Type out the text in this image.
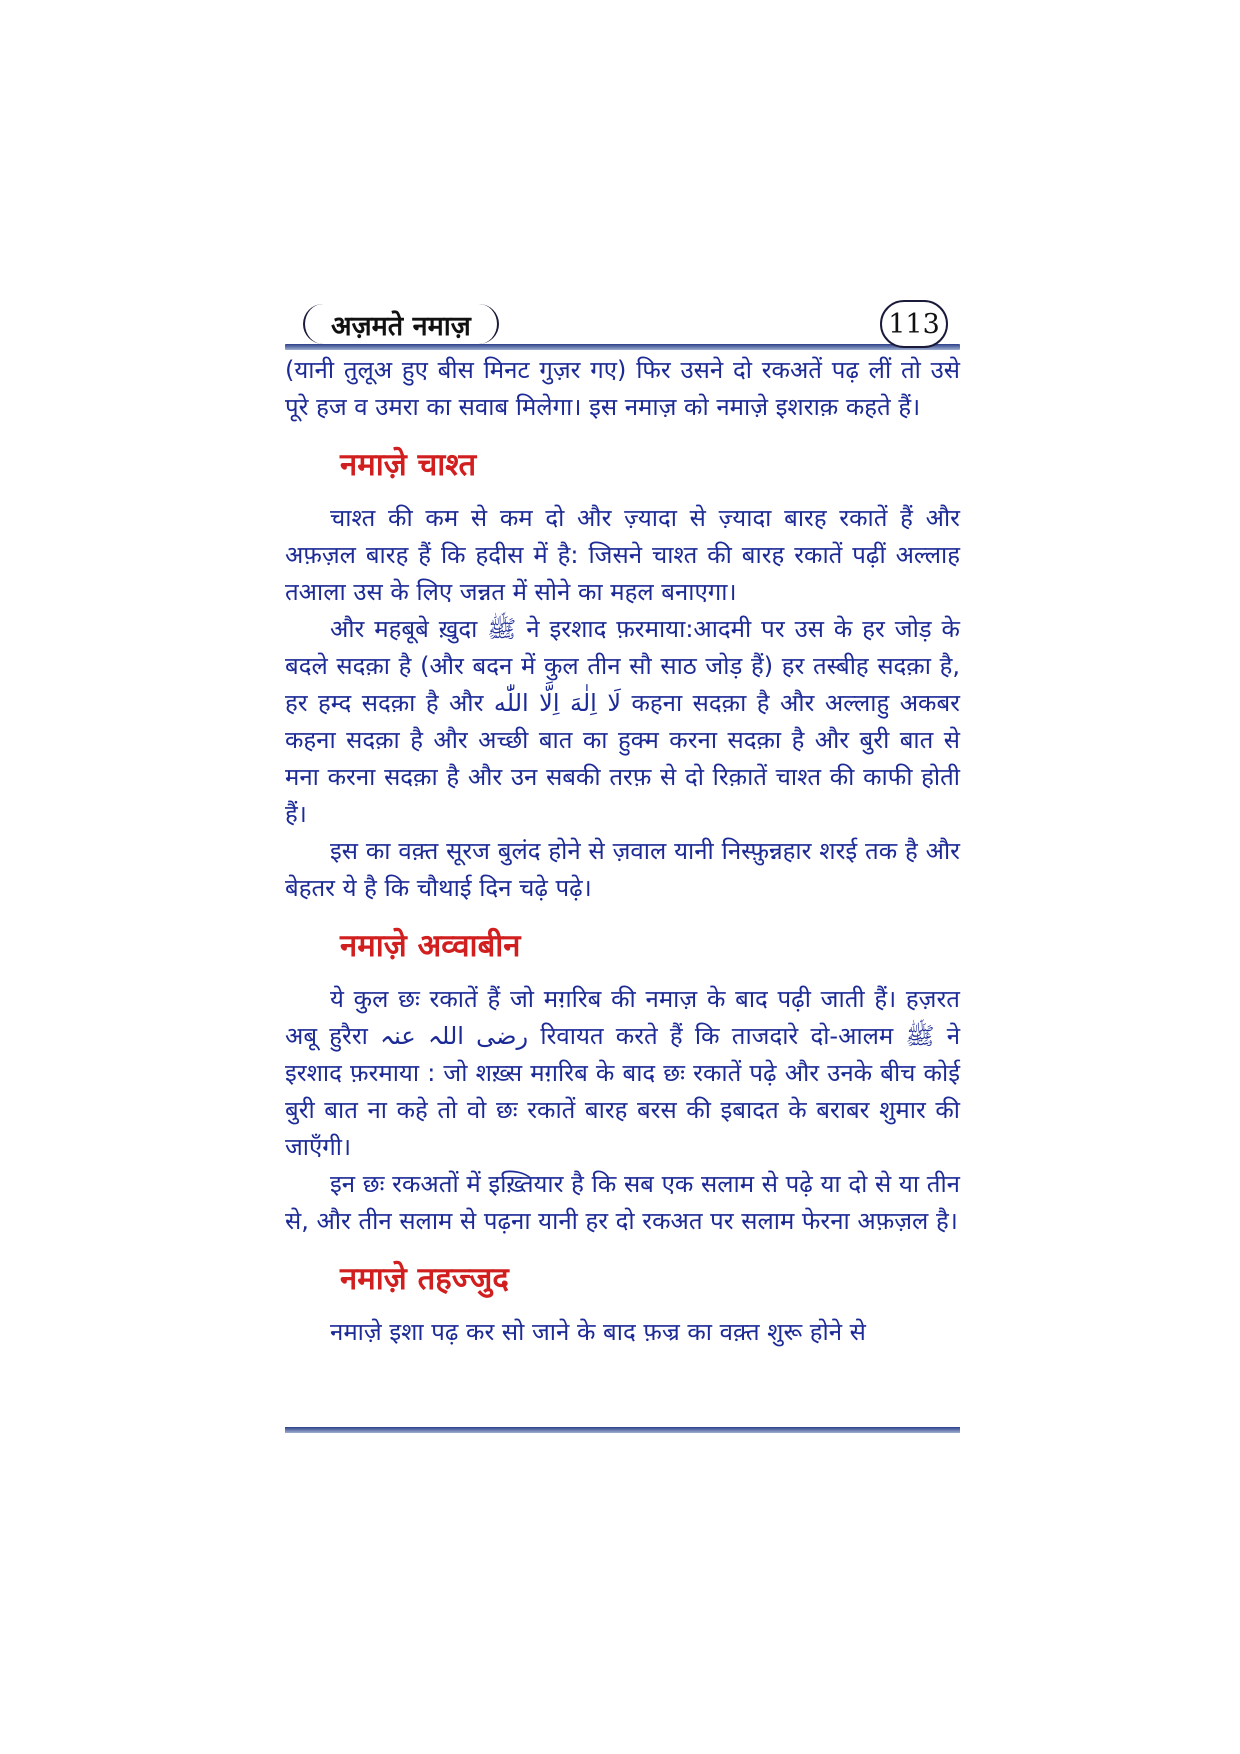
अज़मते नमाज़	113

(यानी तुलूअ हुए बीस मिनट गुज़र गए) फिर उसने दो रकअतें पढ़ लीं तो उसे पूरे हज व उमरा का सवाब मिलेगा। इस नमाज़ को नमाज़े इशराक़ कहते हैं।

नमाज़े चाश्त

चाश्त की कम से कम दो और ज़्यादा से ज़्यादा बारह रकातें हैं और अफ़ज़ल बारह हैं कि हदीस में है: जिसने चाश्त की बारह रकातें पढ़ीं अल्लाह तआला उस के लिए जन्नत में सोने का महल बनाएगा।

और महबूबे ख़ुदा ﷺ ने इरशाद फ़रमाया:आदमी पर उस के हर जोड़ के बदले सदक़ा है (और बदन में कुल तीन सौ साठ जोड़ हैं) हर तस्बीह सदक़ा है, हर हम्द सदक़ा है और لَا اِلٰهَ اِلَّا اللّٰه कहना सदक़ा है और अल्लाहु अकबर कहना सदक़ा है और अच्छी बात का हुक्म करना सदक़ा है और बुरी बात से मना करना सदक़ा है और उन सबकी तरफ़ से दो रिक़ातें चाश्त की काफी होती हैं।

इस का वक़्त सूरज बुलंद होने से ज़वाल यानी निस्फ़ुन्नहार शरई तक है और बेहतर ये है कि चौथाई दिन चढ़े पढ़े।

नमाज़े अव्वाबीन

ये कुल छः रकातें हैं जो मग़रिब की नमाज़ के बाद पढ़ी जाती हैं। हज़रत अबू हुरैरा رضی اللہ عنہ रिवायत करते हैं कि ताजदारे दो-आलम ﷺ ने इरशाद फ़रमाया : जो शख़्स मग़रिब के बाद छः रकातें पढ़े और उनके बीच कोई बुरी बात ना कहे तो वो छः रकातें बारह बरस की इबादत के बराबर शुमार की जाएँगी।

इन छः रकअतों में इख़्तियार है कि सब एक सलाम से पढ़े या दो से या तीन से, और तीन सलाम से पढ़ना यानी हर दो रकअत पर सलाम फेरना अफ़ज़ल है।

नमाज़े तहज्जुद

नमाज़े इशा पढ़ कर सो जाने के बाद फ़ज्र का वक़्त शुरू होने से
